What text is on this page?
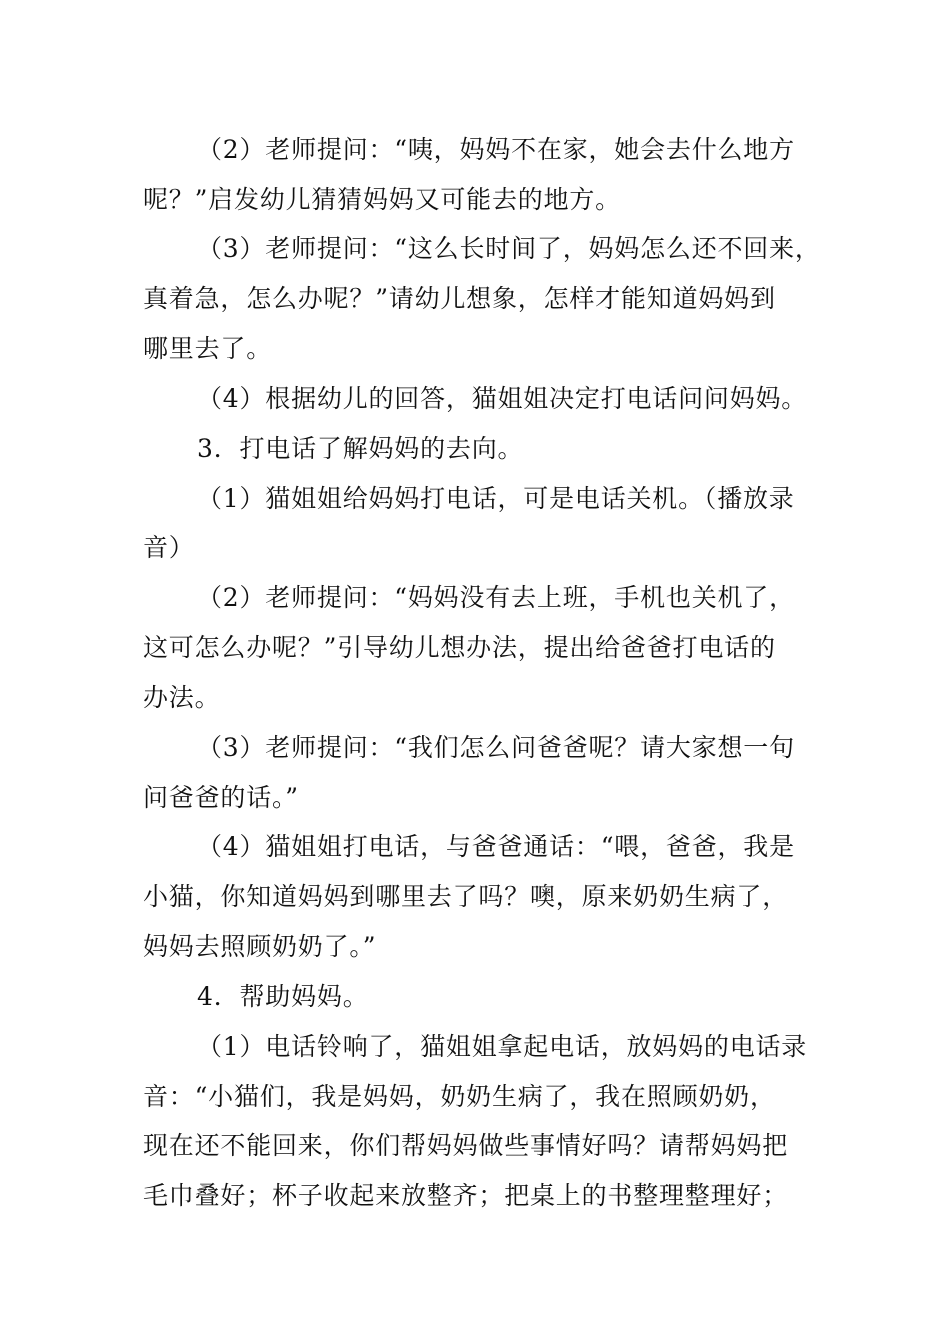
（2）老师提问：“咦，妈妈不在家，她会去什么地方
呢？”启发幼儿猜猜妈妈又可能去的地方。
（3）老师提问：“这么长时间了，妈妈怎么还不回来，
真着急，怎么办呢？”请幼儿想象，怎样才能知道妈妈到
哪里去了。
（4）根据幼儿的回答，猫姐姐决定打电话问问妈妈。
3．打电话了解妈妈的去向。
（1）猫姐姐给妈妈打电话，可是电话关机。（播放录
音）
（2）老师提问：“妈妈没有去上班，手机也关机了，
这可怎么办呢？”引导幼儿想办法，提出给爸爸打电话的
办法。
（3）老师提问：“我们怎么问爸爸呢？请大家想一句
问爸爸的话。”
（4）猫姐姐打电话，与爸爸通话：“喂，爸爸，我是
小猫，你知道妈妈到哪里去了吗？噢，原来奶奶生病了，
妈妈去照顾奶奶了。”
4．帮助妈妈。
（1）电话铃响了，猫姐姐拿起电话，放妈妈的电话录
音：“小猫们，我是妈妈，奶奶生病了，我在照顾奶奶，
现在还不能回来，你们帮妈妈做些事情好吗？请帮妈妈把
毛巾叠好；杯子收起来放整齐；把桌上的书整理整理好；
